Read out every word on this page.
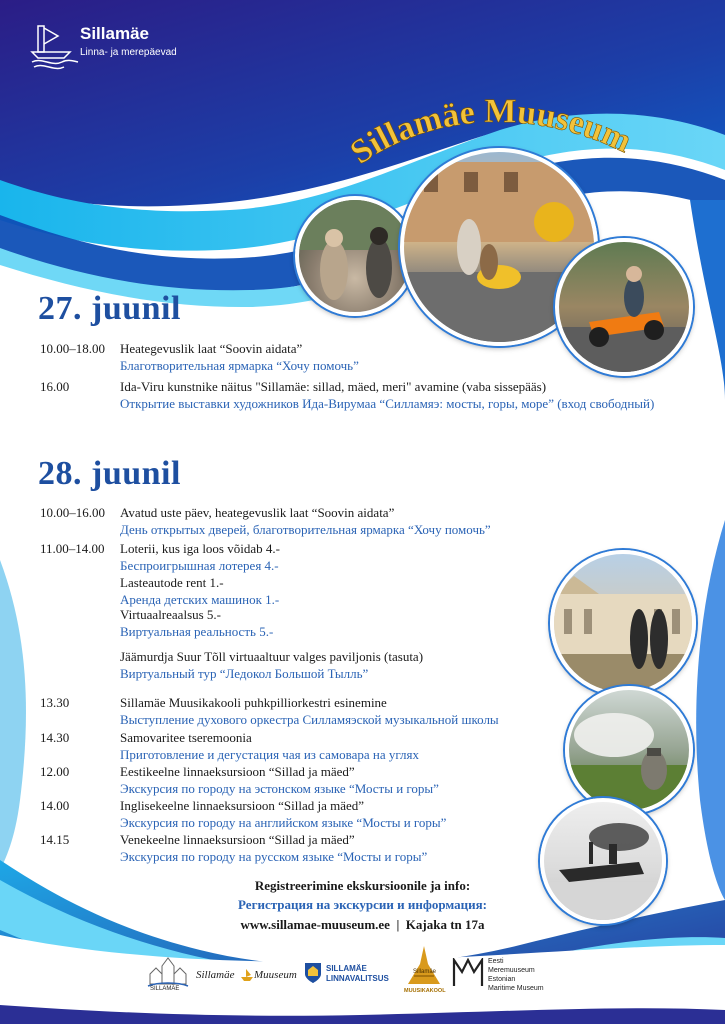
Sillamäe
Linna- ja merepäevad
Sillamäe Muuseum
27. juunil
10.00–18.00 Heategevuslik laat “Soovin aidata”
Благотворительная ярмарка “Хочу помочь”
16.00	Ida-Viru kunstnike näitus "Sillamäe: sillad, mäed, meri" avamine (vaba sissepääs)
Открытие выставки художников Ида-Вирумаа “Силламяэ: мосты, горы, море” (вход свободный)
28. juunil
10.00–16.00 Avatud uste päev, heategevuslik laat “Soovin aidata”
День открытых дверей, благотворительная ярмарка “Хочу помочь”
11.00–14.00 Loterii, kus iga loos võidab 4.-
Беспроигрышная лотерея 4.-
Lasteautode rent 1.-
Аренда детских машинок 1.-
Virtuaalreaalsus 5.-
Виртуальная реальность 5.-
Jäämurdja Suur Tõll virtuaaltuur valges paviljonis (tasuta)
Виртуальный тур “Ледокол Большой Тылль”
13.30	Sillamäe Muusikakooli puhkpilliorkestri esinemine
Выступление духового оркестра Силламяэской музыкальной школы
14.30	Samovaritee tseremoonia
Приготовление и дегустация чая из самовара на углях
12.00	Eestikeelne linnaeksursioon “Sillad ja mäed”
Экскурсия по городу на эстонском языке “Мосты и горы”
14.00	Inglisekeelne linnaeksursioon “Sillad ja mäed”
Экскурсия по городу на английском языке “Мосты и горы”
14.15	Venekeelne linnaeksursioon “Sillad ja mäed”
Экскурсия по городу на русском языке “Мосты и горы”
Registreerimine ekskursioonile ja info:
Регистрация на экскурсии и информация:
www.sillamae-muuseum.ee  |  Kajaka tn 17a
SILLAMÄE
Sillamäe Muuseum
SILLAMÄE
LINNAVALITSUS
Sillamäe
MUUSIKAKOOL
Eesti
Meremuuseum
Estonian
Maritime Museum
